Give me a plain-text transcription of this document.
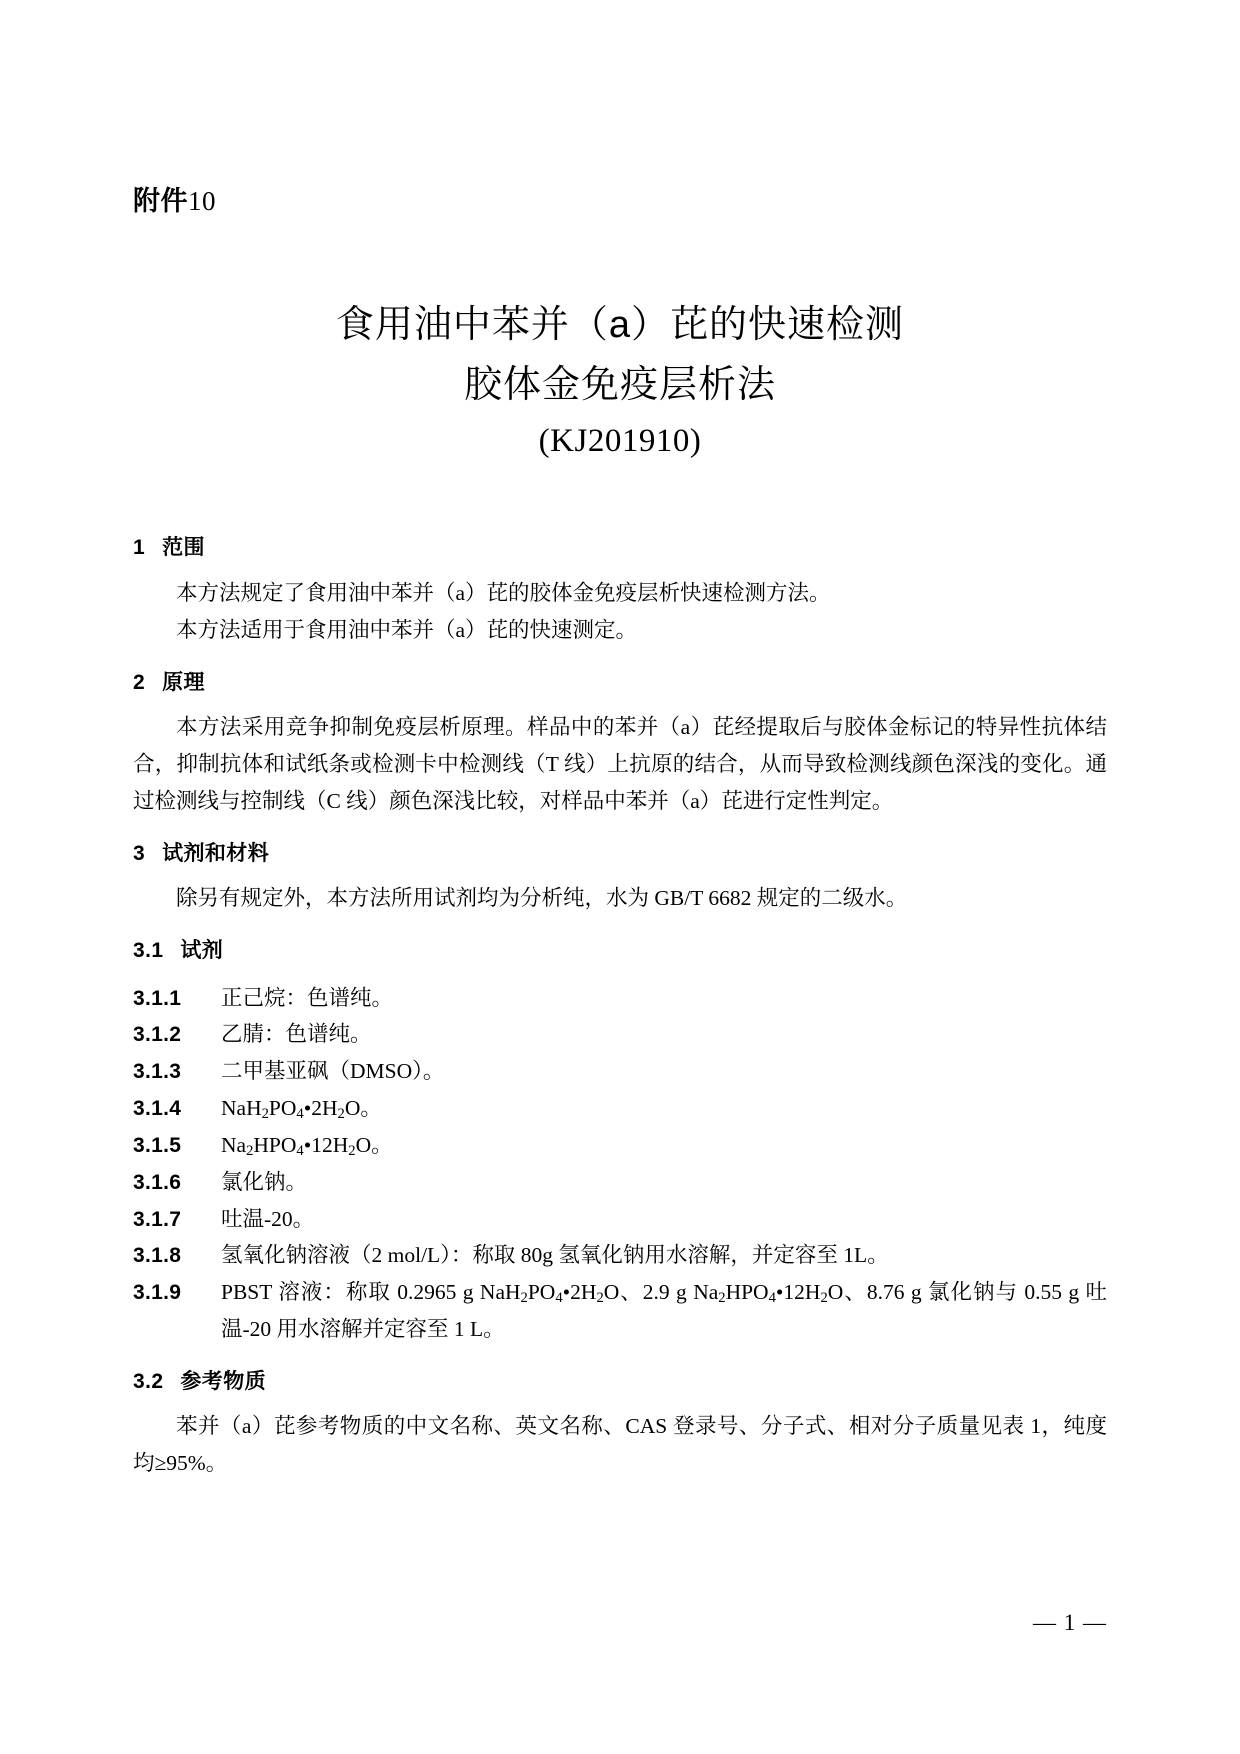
附件10
食用油中苯并（a）芘的快速检测
胶体金免疫层析法
(KJ201910)
1 范围

本方法规定了食用油中苯并（a）芘的胶体金免疫层析快速检测方法。

本方法适用于食用油中苯并（a）芘的快速测定。

2 原理

本方法采用竞争抑制免疫层析原理。样品中的苯并（a）芘经提取后与胶体金标记的特异性抗体结合，抑制抗体和试纸条或检测卡中检测线（T 线）上抗原的结合，从而导致检测线颜色深浅的变化。通过检测线与控制线（C 线）颜色深浅比较，对样品中苯并（a）芘进行定性判定。

3 试剂和材料

除另有规定外，本方法所用试剂均为分析纯，水为 GB/T 6682 规定的二级水。

3.1 试剂
3.1.1	正己烷：色谱纯。
3.1.2	乙腈：色谱纯。
3.1.3	二甲基亚砜（DMSO）。
3.1.4	$NaH_2PO_4•2H_2O$。
3.1.5	$Na_2HPO_4•12H_2O$。
3.1.6	氯化钠。
3.1.7	吐温-20。
3.1.8	氢氧化钠溶液（2 mol/L）：称取 80g 氢氧化钠用水溶解，并定容至 1L。
3.1.9	PBST 溶液：称取 0.2965 g $NaH_2PO_4•2H_2O$、2.9 g $Na_2HPO_4•12H_2O$、8.76 g 氯化钠与 0.55 g 吐温-20 用水溶解并定容至 1 L。
3.2 参考物质

苯并（a）芘参考物质的中文名称、英文名称、CAS 登录号、分子式、相对分子质量见表 1，纯度均≥95%。

— 1 —
